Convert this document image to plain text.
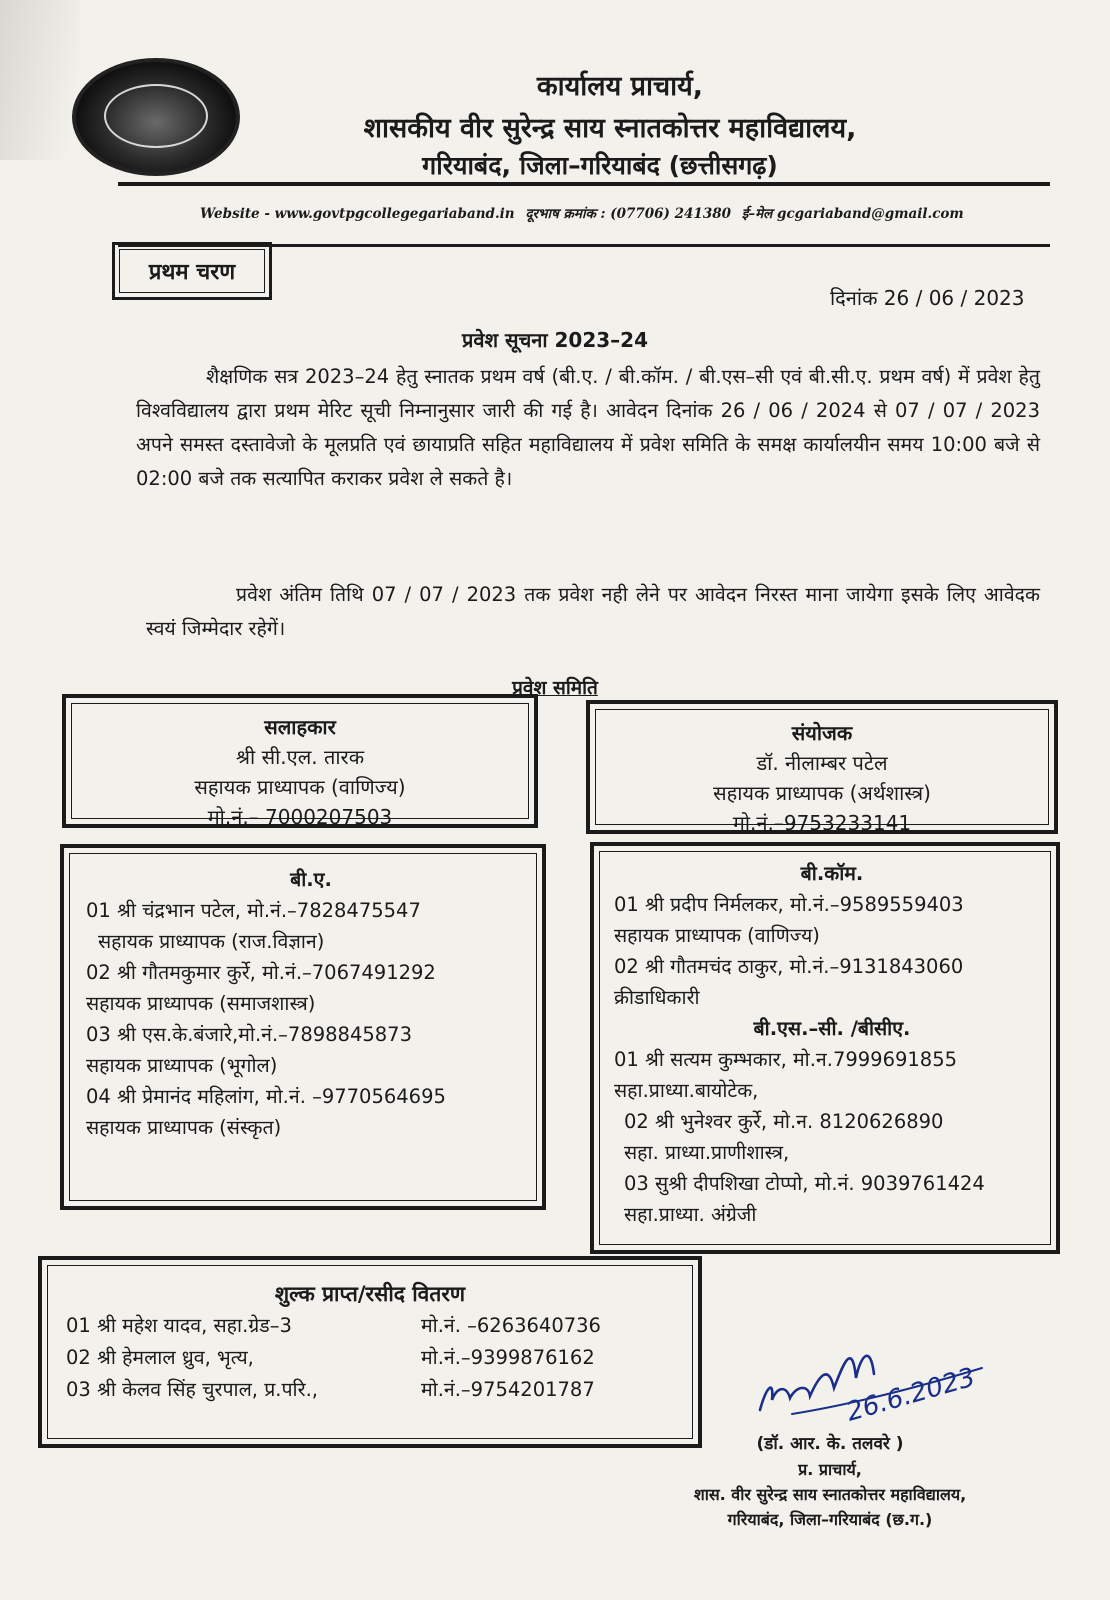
कार्यालय प्राचार्य,
शासकीय वीर सुरेन्द्र साय स्नातकोत्तर महाविद्यालय,
गरियाबंद, जिला–गरियाबंद (छत्तीसगढ़)
Website - www.govtpgcollegegariaband.in दूरभाष क्रमांक : (07706) 241380 ई–मेल gcgariaband@gmail.com
प्रथम चरण
दिनांक 26 / 06 / 2023
प्रवेश सूचना 2023–24
शैक्षणिक सत्र 2023–24 हेतु स्नातक प्रथम वर्ष (बी.ए. / बी.कॉम. / बी.एस–सी एवं बी.सी.ए. प्रथम वर्ष) में प्रवेश हेतु विश्वविद्यालय द्वारा प्रथम मेरिट सूची निम्नानुसार जारी की गई है। आवेदन दिनांक 26 / 06 / 2024 से 07 / 07 / 2023 अपने समस्त दस्तावेजो के मूलप्रति एवं छायाप्रति सहित महाविद्यालय में प्रवेश समिति के समक्ष कार्यालयीन समय 10:00 बजे से 02:00 बजे तक सत्यापित कराकर प्रवेश ले सकते है।
प्रवेश अंतिम तिथि 07 / 07 / 2023 तक प्रवेश नही लेने पर आवेदन निरस्त माना जायेगा इसके लिए आवेदक स्वयं जिम्मेदार रहेगें।
प्रवेश समिति
सलाहकार
श्री सी.एल. तारक
सहायक प्राध्यापक (वाणिज्य)
मो.नं.– 7000207503
संयोजक
डॉ. नीलाम्बर पटेल
सहायक प्राध्यापक (अर्थशास्त्र)
मो.नं.–9753233141
बी.ए.
01 श्री चंद्रभान पटेल, मो.नं.–7828475547
सहायक प्राध्यापक (राज.विज्ञान)
02 श्री गौतमकुमार कुर्रे, मो.नं.–7067491292
सहायक प्राध्यापक (समाजशास्त्र)
03 श्री एस.के.बंजारे,मो.नं.–7898845873
सहायक प्राध्यापक (भूगोल)
04 श्री प्रेमानंद महिलांग, मो.नं. –9770564695
सहायक प्राध्यापक (संस्कृत)
बी.कॉम.
01 श्री प्रदीप निर्मलकर, मो.नं.–9589559403
सहायक प्राध्यापक (वाणिज्य)
02 श्री गौतमचंद ठाकुर, मो.नं.–9131843060
क्रीडाधिकारी
बी.एस.–सी. /बीसीए.
01 श्री सत्यम कुम्भकार, मो.न.7999691855
सहा.प्राध्या.बायोटेक,
02 श्री भुनेश्वर कुर्रे, मो.न. 8120626890
सहा. प्राध्या.प्राणीशास्त्र,
03 सुश्री दीपशिखा टोप्पो, मो.नं. 9039761424
सहा.प्राध्या. अंग्रेजी
शुल्क प्राप्त/रसीद वितरण
01 श्री महेश यादव, सहा.ग्रेड–3	मो.नं. –6263640736
02 श्री हेमलाल ध्रुव, भृत्य,	मो.नं.–9399876162
03 श्री केलव सिंह चुरपाल, प्र.परि.,	मो.नं.–9754201787	26.6.2023
(डॉ. आर. के. तलवरे )
प्र. प्राचार्य,
शास. वीर सुरेन्द्र साय स्नातकोत्तर महाविद्यालय,
गरियाबंद, जिला–गरियाबंद (छ.ग.)
